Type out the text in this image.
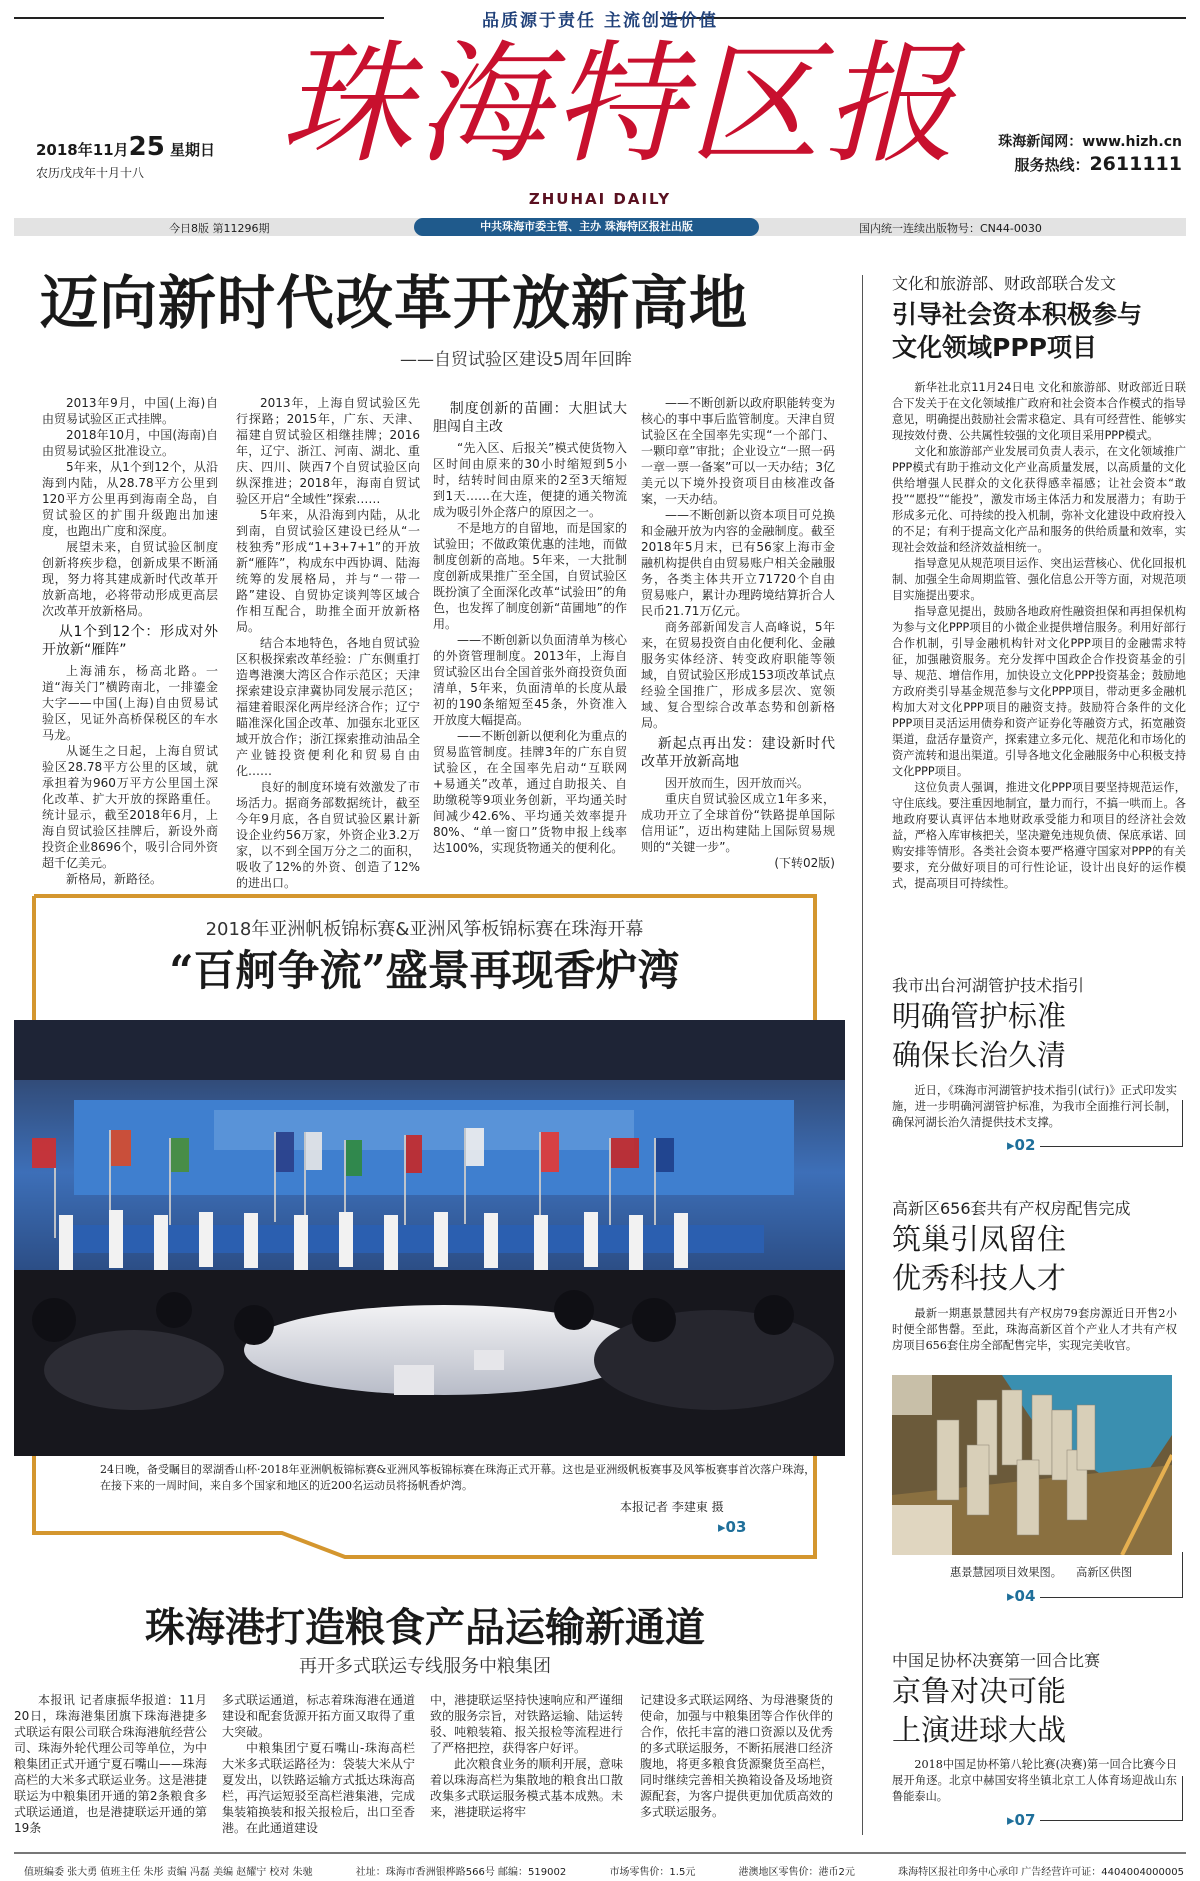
品质源于责任 主流创造价值
珠海特区报
ZHUHAI DAILY
2018年11月25 星期日
农历戊戌年十月十八
珠海新闻网：www.hizh.cn
服务热线：2611111
今日8版 第11296期	中共珠海市委主管、主办 珠海特区报社出版	国内统一连续出版物号：CN44-0030
迈向新时代改革开放新高地
——自贸试验区建设5周年回眸

2013年9月，中国(上海)自由贸易试验区正式挂牌。

2018年10月，中国(海南)自由贸易试验区批准设立。

5年来，从1个到12个，从沿海到内陆，从28.78平方公里到120平方公里再到海南全岛，自贸试验区的扩围升级跑出加速度，也跑出广度和深度。

展望未来，自贸试验区制度创新将疾步稳，创新成果不断涌现，努力将其建成新时代改革开放新高地，必将带动形成更高层次改革开放新格局。

从1个到12个：形成对外开放新“雁阵”

上海浦东，杨高北路。一道“海关门”横跨南北，一排鎏金大字——中国(上海)自由贸易试验区，见证外高桥保税区的车水马龙。

从诞生之日起，上海自贸试验区28.78平方公里的区域，就承担着为960万平方公里国土深化改革、扩大开放的探路重任。统计显示，截至2018年6月，上海自贸试验区挂牌后，新设外商投资企业8696个，吸引合同外资超千亿美元。

新格局，新路径。

2013年，上海自贸试验区先行探路；2015年，广东、天津、福建自贸试验区相继挂牌；2016年，辽宁、浙江、河南、湖北、重庆、四川、陕西7个自贸试验区向纵深推进；2018年，海南自贸试验区开启“全域性”探索……

5年来，从沿海到内陆，从北到南，自贸试验区建设已经从“一枝独秀”形成“1+3+7+1”的开放新“雁阵”，构成东中西协调、陆海统筹的发展格局，并与“一带一路”建设、自贸协定谈判等区域合作相互配合，助推全面开放新格局。

结合本地特色，各地自贸试验区积极探索改革经验：广东侧重打造粤港澳大湾区合作示范区；天津探索建设京津冀协同发展示范区；福建着眼深化两岸经济合作；辽宁瞄准深化国企改革、加强东北亚区域开放合作；浙江探索推动油品全产业链投资便利化和贸易自由化……

良好的制度环境有效激发了市场活力。据商务部数据统计，截至今年9月底，各自贸试验区累计新设企业约56万家，外资企业3.2万家，以不到全国万分之二的面积，吸收了12%的外资、创造了12%的进出口。

制度创新的苗圃：大胆试大胆闯自主改

“先入区、后报关”模式使货物入区时间由原来的30小时缩短到5小时，结转时间由原来的2至3天缩短到1天……在大连，便捷的通关物流成为吸引外企落户的原因之一。

不是地方的自留地，而是国家的试验田；不做政策优惠的洼地，而做制度创新的高地。5年来，一大批制度创新成果推广至全国，自贸试验区既扮演了全面深化改革“试验田”的角色，也发挥了制度创新“苗圃地”的作用。

——不断创新以负面清单为核心的外资管理制度。2013年，上海自贸试验区出台全国首张外商投资负面清单，5年来，负面清单的长度从最初的190条缩短至45条，外资准入开放度大幅提高。

——不断创新以便利化为重点的贸易监管制度。挂牌3年的广东自贸试验区，在全国率先启动“互联网+易通关”改革，通过自助报关、自助缴税等9项业务创新，平均通关时间减少42.6%、平均通关效率提升80%、“单一窗口”货物申报上线率达100%，实现货物通关的便利化。

——不断创新以政府职能转变为核心的事中事后监管制度。天津自贸试验区在全国率先实现“一个部门、一颗印章”审批；企业设立“一照一码一章一票一备案”可以一天办结；3亿美元以下境外投资项目由核准改备案，一天办结。

——不断创新以资本项目可兑换和金融开放为内容的金融制度。截至2018年5月末，已有56家上海市金融机构提供自由贸易账户相关金融服务，各类主体共开立71720个自由贸易账户，累计办理跨境结算折合人民币21.71万亿元。

商务部新闻发言人高峰说，5年来，在贸易投资自由化便利化、金融服务实体经济、转变政府职能等领域，自贸试验区形成153项改革试点经验全国推广，形成多层次、宽领域、复合型综合改革态势和创新格局。

新起点再出发：建设新时代改革开放新高地

因开放而生，因开放而兴。

重庆自贸试验区成立1年多来，成功开立了全球首份“铁路提单国际信用证”，迈出构建陆上国际贸易规则的“关键一步”。

(下转02版)

2018年亚洲帆板锦标赛&亚洲风筝板锦标赛在珠海开幕
“百舸争流”盛景再现香炉湾
24日晚，备受瞩目的翠湖香山杯·2018年亚洲帆板锦标赛&亚洲风筝板锦标赛在珠海正式开幕。这也是亚洲级帆板赛事及风筝板赛事首次落户珠海，在接下来的一周时间，来自多个国家和地区的近200名运动员将扬帆香炉湾。
本报记者 李建東 摄
▸03
珠海港打造粮食产品运输新通道
再开多式联运专线服务中粮集团

本报讯 记者康振华报道：11月20日，珠海港集团旗下珠海港捷多式联运有限公司联合珠海港航经营公司、珠海外轮代理公司等单位，为中粮集团正式开通宁夏石嘴山——珠海高栏的大米多式联运业务。这是港捷联运为中粮集团开通的第2条粮食多式联运通道，也是港捷联运开通的第19条

多式联运通道，标志着珠海港在通道建设和配套货源开拓方面又取得了重大突破。

中粮集团宁夏石嘴山-珠海高栏大米多式联运路径为：袋装大米从宁夏发出，以铁路运输方式抵达珠海高栏，再汽运短驳至高栏港集港，完成集装箱换装和报关报检后，出口至香港。在此通道建设

中，港捷联运坚持快速响应和严谨细致的服务宗旨，对铁路运输、陆运转驳、吨粮装箱、报关报检等流程进行了严格把控，获得客户好评。

此次粮食业务的顺利开展，意味着以珠海高栏为集散地的粮食出口散改集多式联运服务模式基本成熟。未来，港捷联运将牢

记建设多式联运网络、为母港聚货的使命，加强与中粮集团等合作伙伴的合作，依托丰富的港口资源以及优秀的多式联运服务，不断拓展港口经济腹地，将更多粮食货源聚货至高栏，同时继续完善相关换箱设备及场地资源配套，为客户提供更加优质高效的多式联运服务。

文化和旅游部、财政部联合发文
引导社会资本积极参与
文化领域PPP项目

新华社北京11月24日电 文化和旅游部、财政部近日联合下发关于在文化领域推广政府和社会资本合作模式的指导意见，明确提出鼓励社会需求稳定、具有可经营性、能够实现按效付费、公共属性较强的文化项目采用PPP模式。

文化和旅游部产业发展司负责人表示，在文化领域推广PPP模式有助于推动文化产业高质量发展，以高质量的文化供给增强人民群众的文化获得感幸福感；让社会资本“敢投”“愿投”“能投”，激发市场主体活力和发展潜力；有助于形成多元化、可持续的投入机制，弥补文化建设中政府投入的不足；有利于提高文化产品和服务的供给质量和效率，实现社会效益和经济效益相统一。

指导意见从规范项目运作、突出运营核心、优化回报机制、加强全生命周期监管、强化信息公开等方面，对规范项目实施提出要求。

指导意见提出，鼓励各地政府性融资担保和再担保机构为参与文化PPP项目的小微企业提供增信服务。利用好部行合作机制，引导金融机构针对文化PPP项目的金融需求特征，加强融资服务。充分发挥中国政企合作投资基金的引导、规范、增信作用，加快设立文化PPP投资基金；鼓励地方政府类引导基金规范参与文化PPP项目，带动更多金融机构加大对文化PPP项目的融资支持。鼓励符合条件的文化PPP项目灵活运用债券和资产证券化等融资方式，拓宽融资渠道，盘活存量资产，探索建立多元化、规范化和市场化的资产流转和退出渠道。引导各地文化金融服务中心积极支持文化PPP项目。

这位负责人强调，推进文化PPP项目要坚持规范运作，守住底线。要注重因地制宜，量力而行，不搞一哄而上。各地政府要认真评估本地财政承受能力和项目的经济社会效益，严格入库审核把关，坚决避免违规负债、保底承诺、回购安排等情形。各类社会资本要严格遵守国家对PPP的有关要求，充分做好项目的可行性论证，设计出良好的运作模式，提高项目可持续性。

我市出台河湖管护技术指引
明确管护标准
确保长治久清

近日，《珠海市河湖管护技术指引(试行)》正式印发实施，进一步明确河湖管护标准，为我市全面推行河长制，确保河湖长治久清提供技术支撑。

▸02
高新区656套共有产权房配售完成
筑巢引凤留住
优秀科技人才

最新一期惠景慧园共有产权房79套房源近日开售2小时便全部售罄。至此，珠海高新区首个产业人才共有产权房项目656套住房全部配售完毕，实现完美收官。

惠景慧园项目效果图。 高新区供图
▸04
中国足协杯决赛第一回合比赛
京鲁对决可能
上演进球大战

2018中国足协杯第八轮比赛(决赛)第一回合比赛今日展开角逐。北京中赫国安将坐镇北京工人体育场迎战山东鲁能泰山。

▸07
值班编委 张大勇 值班主任 朱彤 责编 冯磊 美编 赵耀宁 校对 朱驰	社址：珠海市香洲银桦路566号 邮编：519002	市场零售价：1.5元	港澳地区零售价：港币2元	珠海特区报社印务中心承印 广告经营许可证：4404004000005
